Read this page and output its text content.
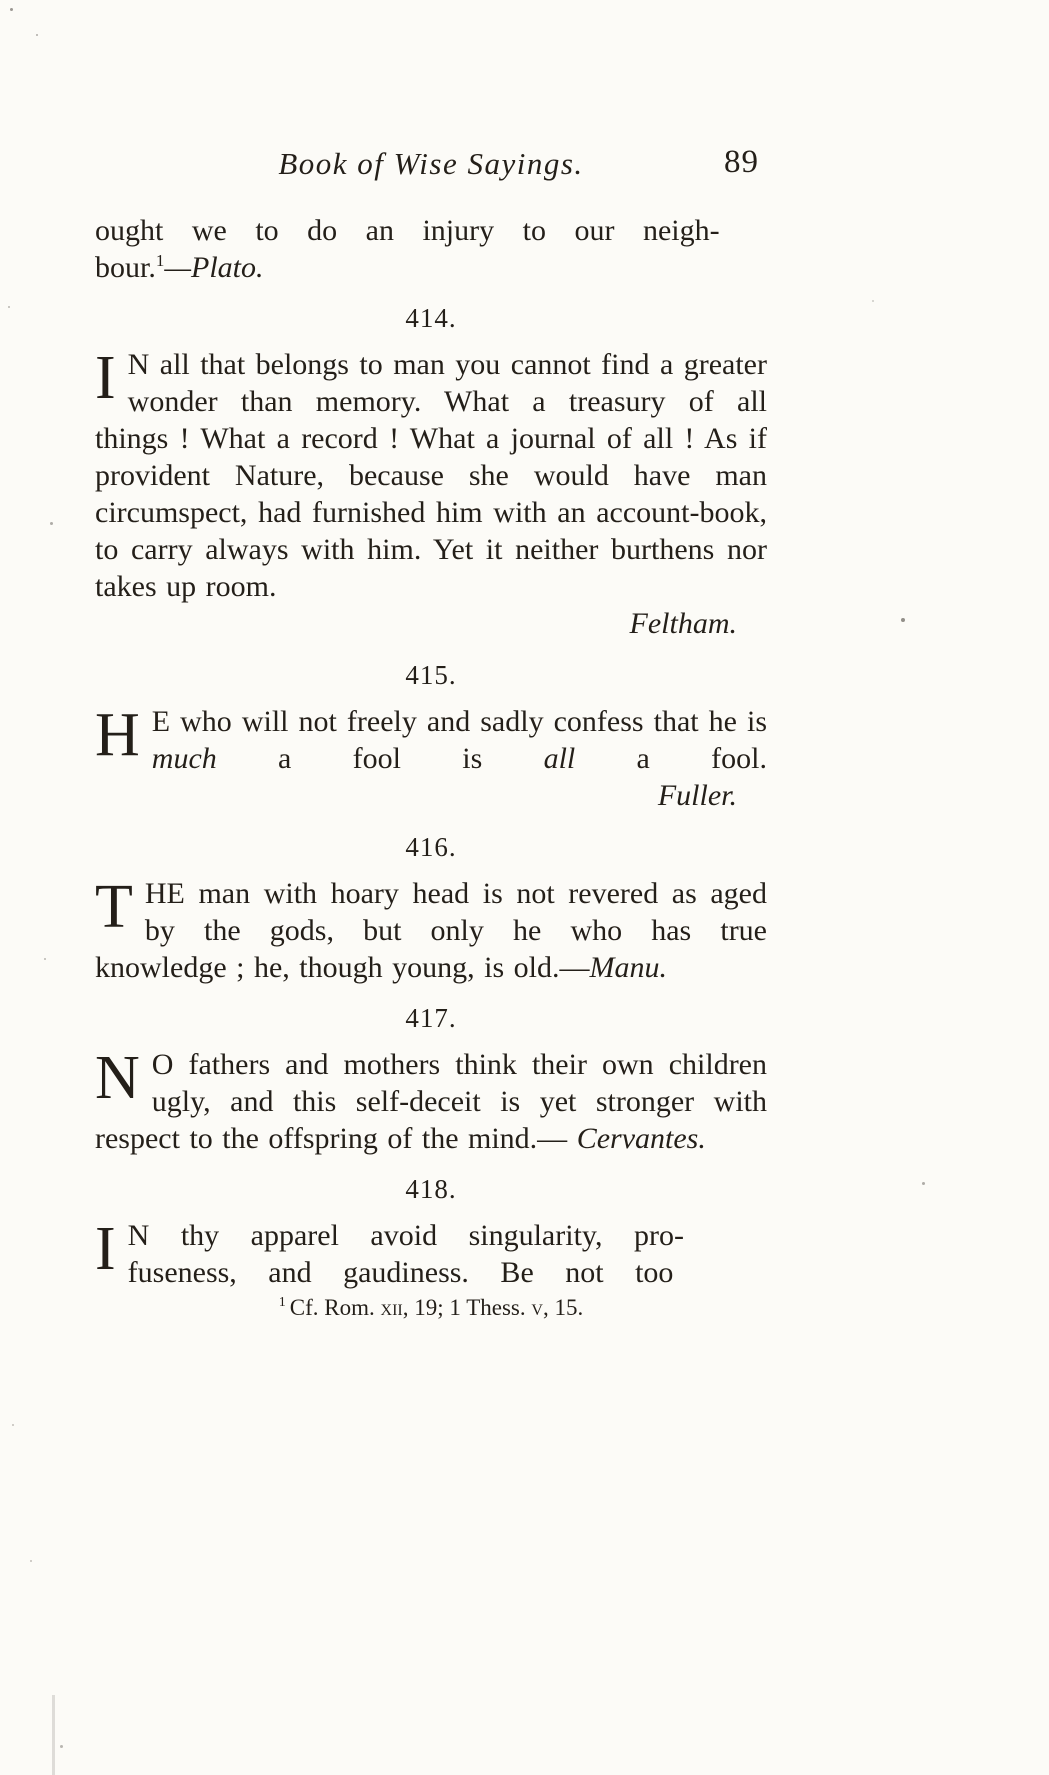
Book of Wise Sayings.	89

ought we to do an injury to our neigh-
bour.$^1$—Plato.

414.

I N all that belongs to man you cannot find a greater wonder than memory. What a treasury of all things ! What a record ! What a journal of all ! As if provident Nature, because she would have man circumspect, had furnished him with an account-book, to carry always with him. Yet it neither burthens nor takes up room.

Feltham.
415.

H E who will not freely and sadly confess that he is much a fool is all a fool.

Fuller.
416.

THE man with hoary head is not revered as aged by the gods, but only he who has true knowledge ; he, though young, is old.—Manu.

417.

N O fathers and mothers think their own children ugly, and this self-deceit is yet stronger with respect to the offspring of the mind.— Cervantes.

418.

I N thy apparel avoid singularity, pro-
fuseness, and gaudiness. Be not too

$^1$ Cf. Rom. xii, 19; 1 Thess. v, 15.
